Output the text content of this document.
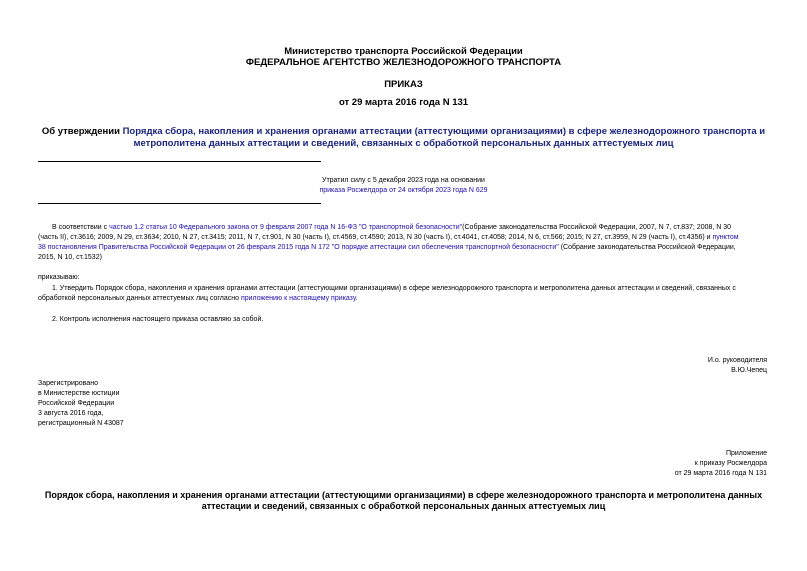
Министерство транспорта Российской Федерации
ФЕДЕРАЛЬНОЕ АГЕНТСТВО ЖЕЛЕЗНОДОРОЖНОГО ТРАНСПОРТА
ПРИКАЗ
от 29 марта 2016 года N 131
Об утверждении Порядка сбора, накопления и хранения органами аттестации (аттестующими организациями) в сфере железнодорожного транспорта и
метрополитена данных аттестации и сведений, связанных с обработкой персональных данных аттестуемых лиц
Утратил силу с 5 декабря 2023 года на основании
приказа Росжелдора от 24 октября 2023 года N 629
В соответствии с частью 1.2 статьи 10 Федерального закона от 9 февраля 2007 года N 16-ФЗ "О транспортной безопасности"(Собрание законодательства Российской Федерации, 2007, N 7, ст.837; 2008, N 30
(часть II), ст.3616; 2009, N 29, ст.3634; 2010, N 27, ст.3415; 2011, N 7, ст.901, N 30 (часть I), ст.4569, ст.4590; 2013, N 30 (часть I), ст.4041, ст.4058; 2014, N 6, ст.566; 2015; N 27, ст.3959, N 29 (часть I), ст.4356) и пунктом
38 постановления Правительства Российской Федерации от 26 февраля 2015 года N 172 "О порядке аттестации сил обеспечения транспортной безопасности" (Собрание законодательства Российской Федерации,
2015, N 10, ст.1532)
приказываю:
1. Утвердить Порядок сбора, накопления и хранения органами аттестации (аттестующими организациями) в сфере железнодорожного транспорта и метрополитена данных аттестации и сведений, связанных с
обработкой персональных данных аттестуемых лиц согласно приложению к настоящему приказу.
2. Контроль исполнения настоящего приказа оставляю за собой.
И.о. руководителя
В.Ю.Чепец
Зарегистрировано
в Министерстве юстиции
Российской Федерации
3 августа 2016 года,
регистрационный N 43087
Приложение
к приказу Росжелдора
от 29 марта 2016 года N 131
Порядок сбора, накопления и хранения органами аттестации (аттестующими организациями) в сфере железнодорожного транспорта и метрополитена данных
аттестации и сведений, связанных с обработкой персональных данных аттестуемых лиц
